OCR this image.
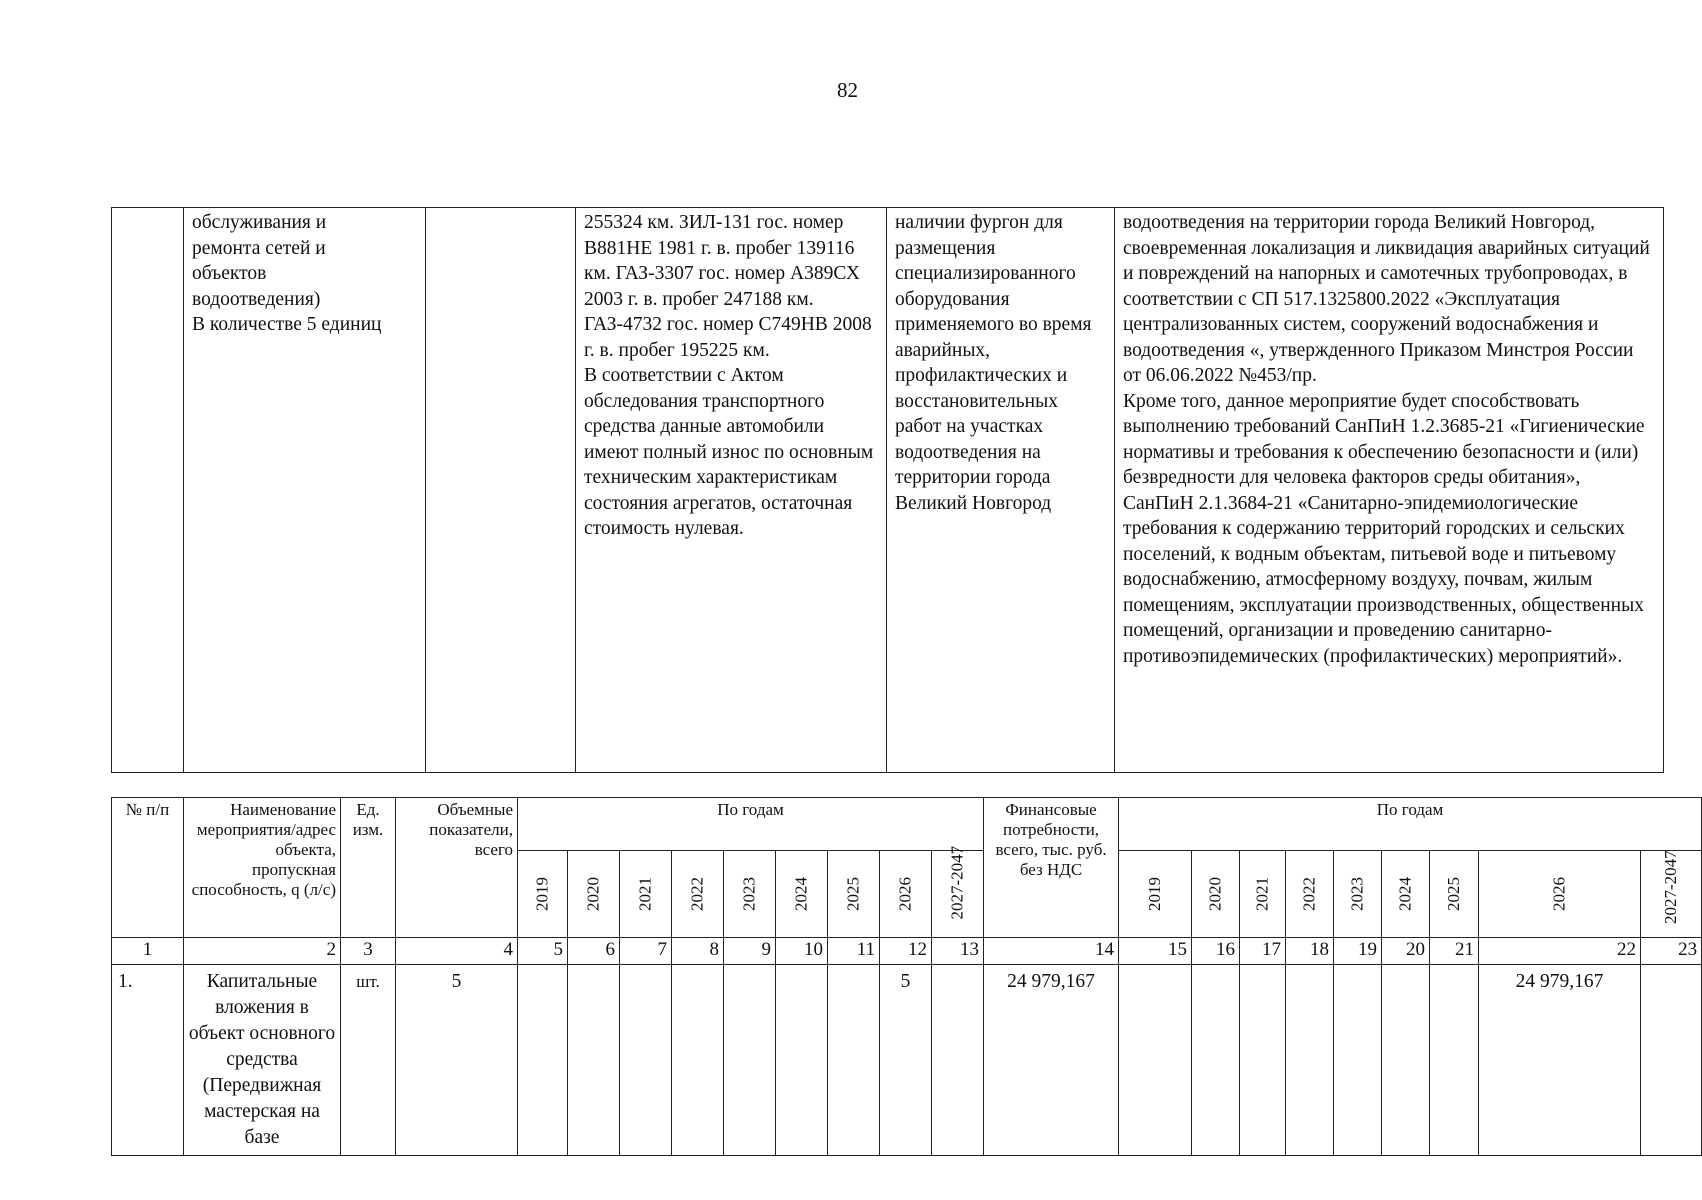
82
	обслуживания и
ремонта сетей и
объектов
водоотведения)
В количестве 5 единиц		255324 км. ЗИЛ-131 гос. номер В881НЕ 1981 г. в. пробег 139116 км. ГАЗ-3307 гос. номер А389СХ 2003 г. в. пробег 247188 км. ГАЗ-4732 гос. номер С749НВ 2008 г. в. пробег 195225 км.
В соответствии с Актом обследования транспортного средства данные автомобили имеют полный износ по основным техническим характеристикам состояния агрегатов, остаточная стоимость нулевая.	наличии фургон для размещения специализированного оборудования применяемого во время аварийных, профилактических и восстановительных работ на участках водоотведения на территории города Великий Новгород	водоотведения на территории города Великий Новгород, своевременная локализация и ликвидация аварийных ситуаций и повреждений на напорных и самотечных трубопроводах, в соответствии с СП 517.1325800.2022 «Эксплуатация централизованных систем, сооружений водоснабжения и водоотведения «, утвержденного Приказом Минстроя России от 06.06.2022 №453/пр.
Кроме того, данное мероприятие будет способствовать выполнению требований СанПиН 1.2.3685-21 «Гигиенические нормативы и требования к обеспечению безопасности и (или) безвредности для человека факторов среды обитания», СанПиН 2.1.3684-21 «Санитарно-эпидемиологические требования к содержанию территорий городских и сельских поселений, к водным объектам, питьевой воде и питьевому водоснабжению, атмосферному воздуху, почвам, жилым помещениям, эксплуатации производственных, общественных помещений, организации и проведению санитарно-противоэпидемических (профилактических) мероприятий».
№ п/п	Наименование мероприятия/адрес объекта, пропускная способность, q (л/с)	Ед. изм.	Объемные показатели, всего	По годам									Финансовые потребности, всего, тыс. руб. без НДС	По годам								

				2019	2020	2021	2022	2023	2024	2025	2026	2027-2047		2019	2020	2021	2022	2023	2024	2025	2026	2027-2047

1	2	3	4	5	6	7	8	9	10	11	12	13	14	15	16	17	18	19	20	21	22	23
1.	Капитальные вложения в объект основного средства (Передвижная мастерская на базе	шт.	5								5		24 979,167								24 979,167	
